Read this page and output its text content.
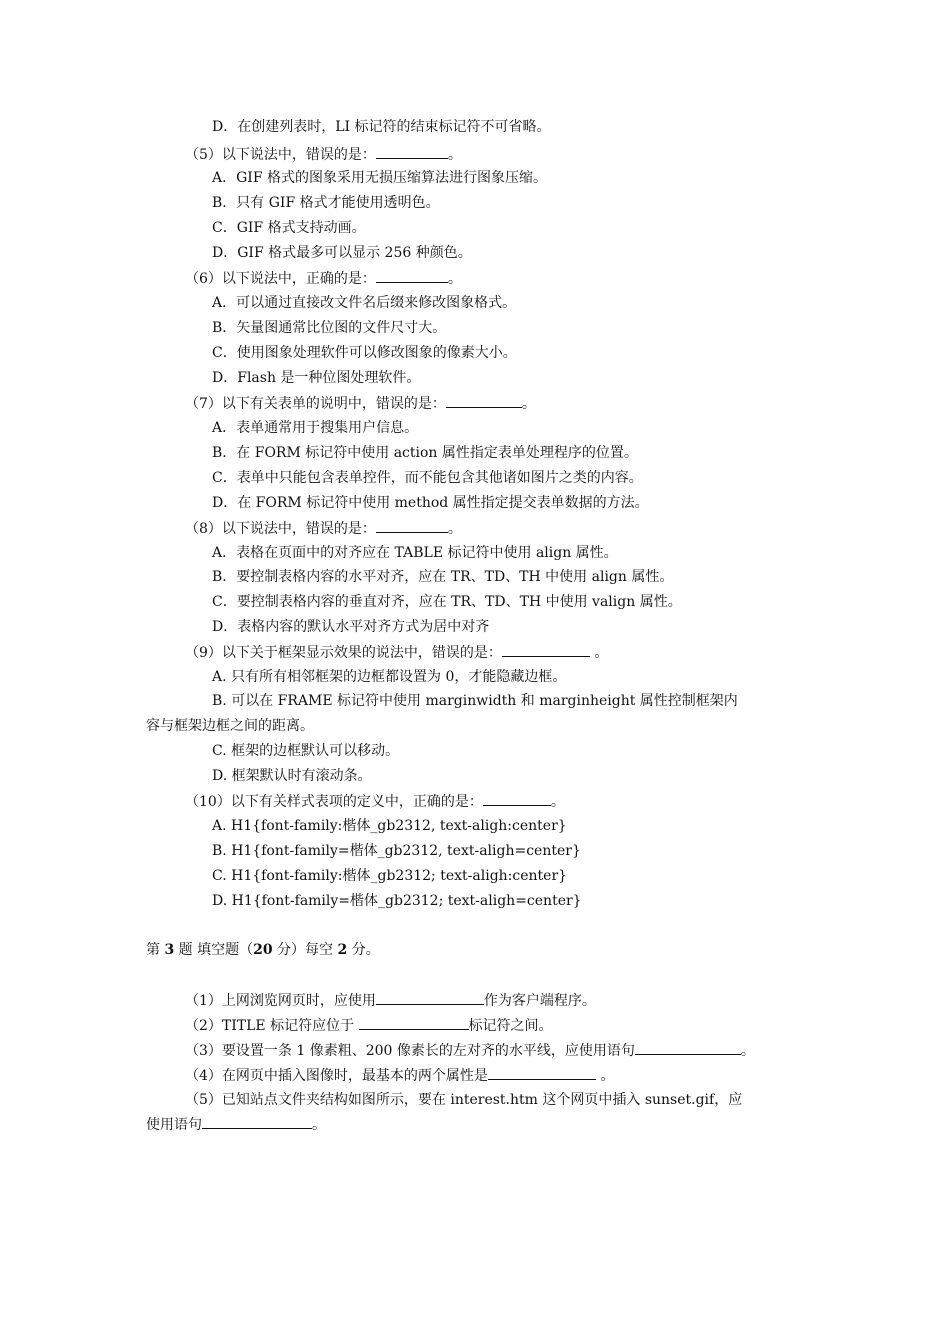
D．在创建列表时，LI 标记符的结束标记符不可省略。
（5）以下说法中，错误的是：	。
A．GIF 格式的图象采用无损压缩算法进行图象压缩。
B．只有 GIF 格式才能使用透明色。
C．GIF 格式支持动画。
D．GIF 格式最多可以显示 256 种颜色。
（6）以下说法中，正确的是：	。
A．可以通过直接改文件名后缀来修改图象格式。
B．矢量图通常比位图的文件尺寸大。
C．使用图象处理软件可以修改图象的像素大小。
D．Flash 是一种位图处理软件。
（7）以下有关表单的说明中，错误的是：	。
A．表单通常用于搜集用户信息。
B．在 FORM 标记符中使用 action 属性指定表单处理程序的位置。
C．表单中只能包含表单控件，而不能包含其他诸如图片之类的内容。
D．在 FORM 标记符中使用 method 属性指定提交表单数据的方法。
（8）以下说法中，错误的是：	。
A．表格在页面中的对齐应在 TABLE 标记符中使用 align 属性。
B．要控制表格内容的水平对齐，应在 TR、TD、TH 中使用 align 属性。
C．要控制表格内容的垂直对齐，应在 TR、TD、TH 中使用 valign 属性。
D．表格内容的默认水平对齐方式为居中对齐
（9）以下关于框架显示效果的说法中，错误的是：	。
A. 只有所有相邻框架的边框都设置为 0，才能隐藏边框。
B. 可以在 FRAME 标记符中使用 marginwidth 和 marginheight 属性控制框架内
容与框架边框之间的距离。
C. 框架的边框默认可以移动。
D. 框架默认时有滚动条。
（10）以下有关样式表项的定义中，正确的是：	。
A. H1{font-family:楷体_gb2312, text-aligh:center}
B. H1{font-family=楷体_gb2312, text-aligh=center}
C. H1{font-family:楷体_gb2312; text-aligh:center}
D. H1{font-family=楷体_gb2312; text-aligh=center}
第 3 题 填空题（20 分）每空 2 分。
（1）上网浏览网页时，应使用	作为客户端程序。
（2）TITLE 标记符应位于	标记符之间。
（3）要设置一条 1 像素粗、200 像素长的左对齐的水平线，应使用语句	。
（4）在网页中插入图像时，最基本的两个属性是	。
（5）已知站点文件夹结构如图所示，要在 interest.htm 这个网页中插入 sunset.gif，应
使用语句	。
